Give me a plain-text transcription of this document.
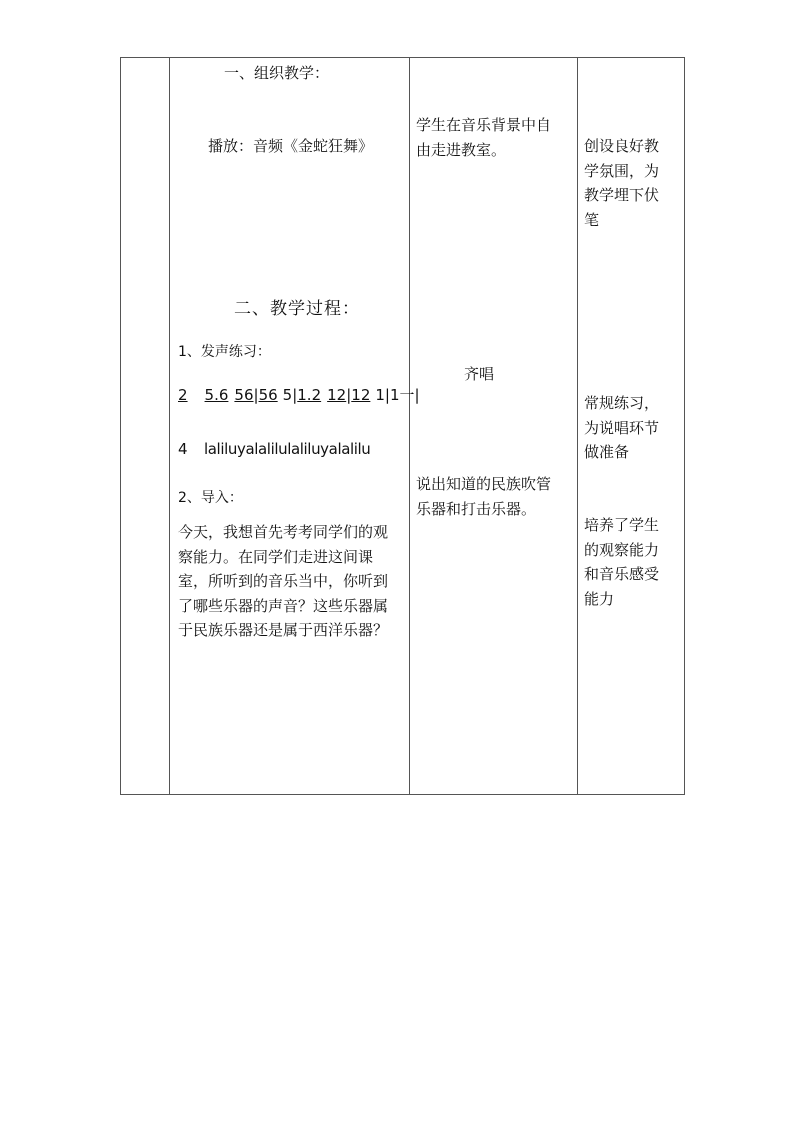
一、组织教学：
播放：音频《金蛇狂舞》
二、教学过程：
1、发声练习：
2 5.6 56|56 5|1.2 12|12 1|1一|
4 laliluyalalilulaliluyalalilu
2、导入：
今天，我想首先考考同学们的观
察能力。在同学们走进这间课
室，所听到的音乐当中，你听到
了哪些乐器的声音？这些乐器属
于民族乐器还是属于西洋乐器？

学生在音乐背景中自
由走进教室。
齐唱
说出知道的民族吹管
乐器和打击乐器。

创设良好教
学氛围，为
教学埋下伏
笔
常规练习，
为说唱环节
做准备
培养了学生
的观察能力
和音乐感受
能力
